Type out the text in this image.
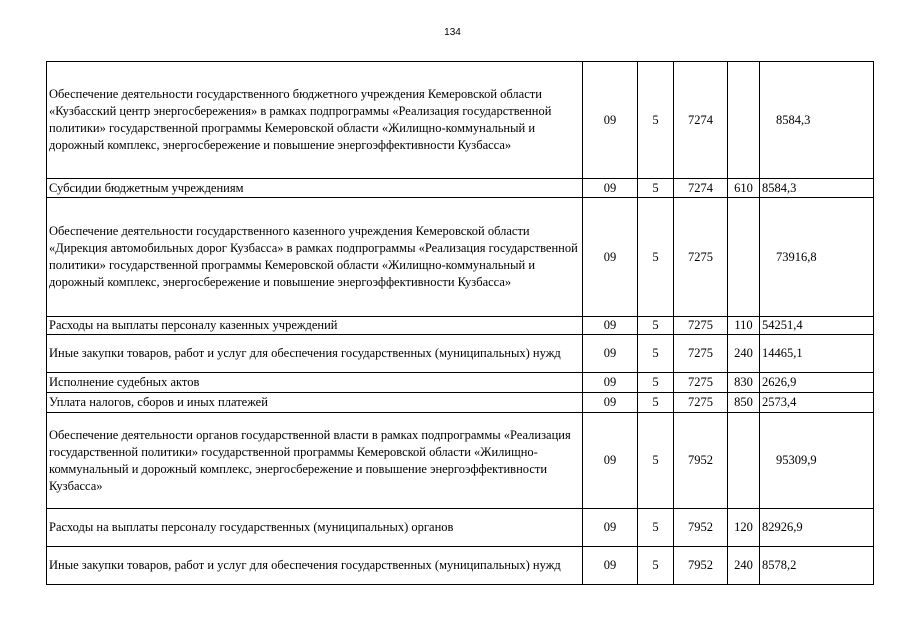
134
Обеспечение деятельности государственного бюджетного учреждения Кемеровской области «Кузбасский центр энергосбережения» в рамках подпрограммы «Реализация государственной политики» государственной программы Кемеровской области «Жилищно-коммунальный и дорожный комплекс, энергосбережение и повышение энергоэффективности Кузбасса»	09	5	7274		8584,3
Субсидии бюджетным учреждениям	09	5	7274	610	8584,3
Обеспечение деятельности государственного казенного учреждения Кемеровской области «Дирекция автомобильных дорог Кузбасса» в рамках подпрограммы «Реализация государственной политики» государственной программы Кемеровской области «Жилищно-коммунальный и дорожный комплекс, энергосбережение и повышение энергоэффективности Кузбасса»	09	5	7275		73916,8
Расходы на выплаты персоналу казенных учреждений	09	5	7275	110	54251,4
Иные закупки товаров, работ и услуг для обеспечения государственных (муниципальных) нужд	09	5	7275	240	14465,1
Исполнение судебных актов	09	5	7275	830	2626,9
Уплата налогов, сборов и иных платежей	09	5	7275	850	2573,4
Обеспечение деятельности органов государственной власти в рамках подпрограммы «Реализация государственной политики» государственной программы Кемеровской области «Жилищно-коммунальный и дорожный комплекс, энергосбережение и повышение энергоэффективности Кузбасса»	09	5	7952		95309,9
Расходы на выплаты персоналу государственных (муниципальных) органов	09	5	7952	120	82926,9
Иные закупки товаров, работ и услуг для обеспечения государственных (муниципальных) нужд	09	5	7952	240	8578,2
